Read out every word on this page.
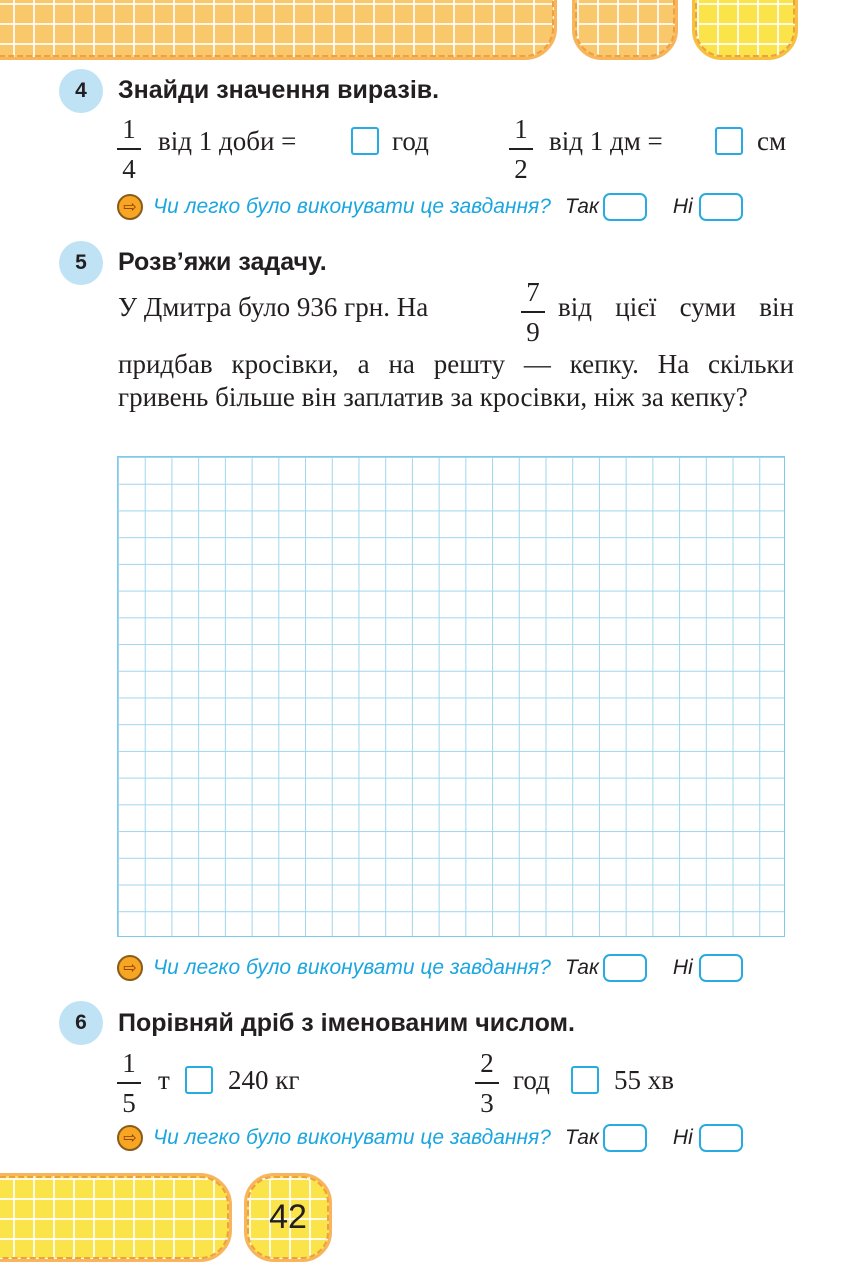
42
4	Знайди значення виразів.
1
4
від 1 доби =	год	1
2
від 1 дм =	см
⇨ Чи легко було виконувати це завдання? Так	Ні
5	Розв’яжи задачу.
У Дмитра було 936 грн. На	7
9
від цієї суми він
придбав кросівки, а на решту — кепку. На скільки гривень більше він заплатив за кросівки, ніж за кепку?
⇨ Чи легко було виконувати це завдання? Так	Ні
6	Порівняй дріб з іменованим числом.
1
5
т 240 кг
2
3
год 55 хв
⇨ Чи легко було виконувати це завдання? Так	Ні
